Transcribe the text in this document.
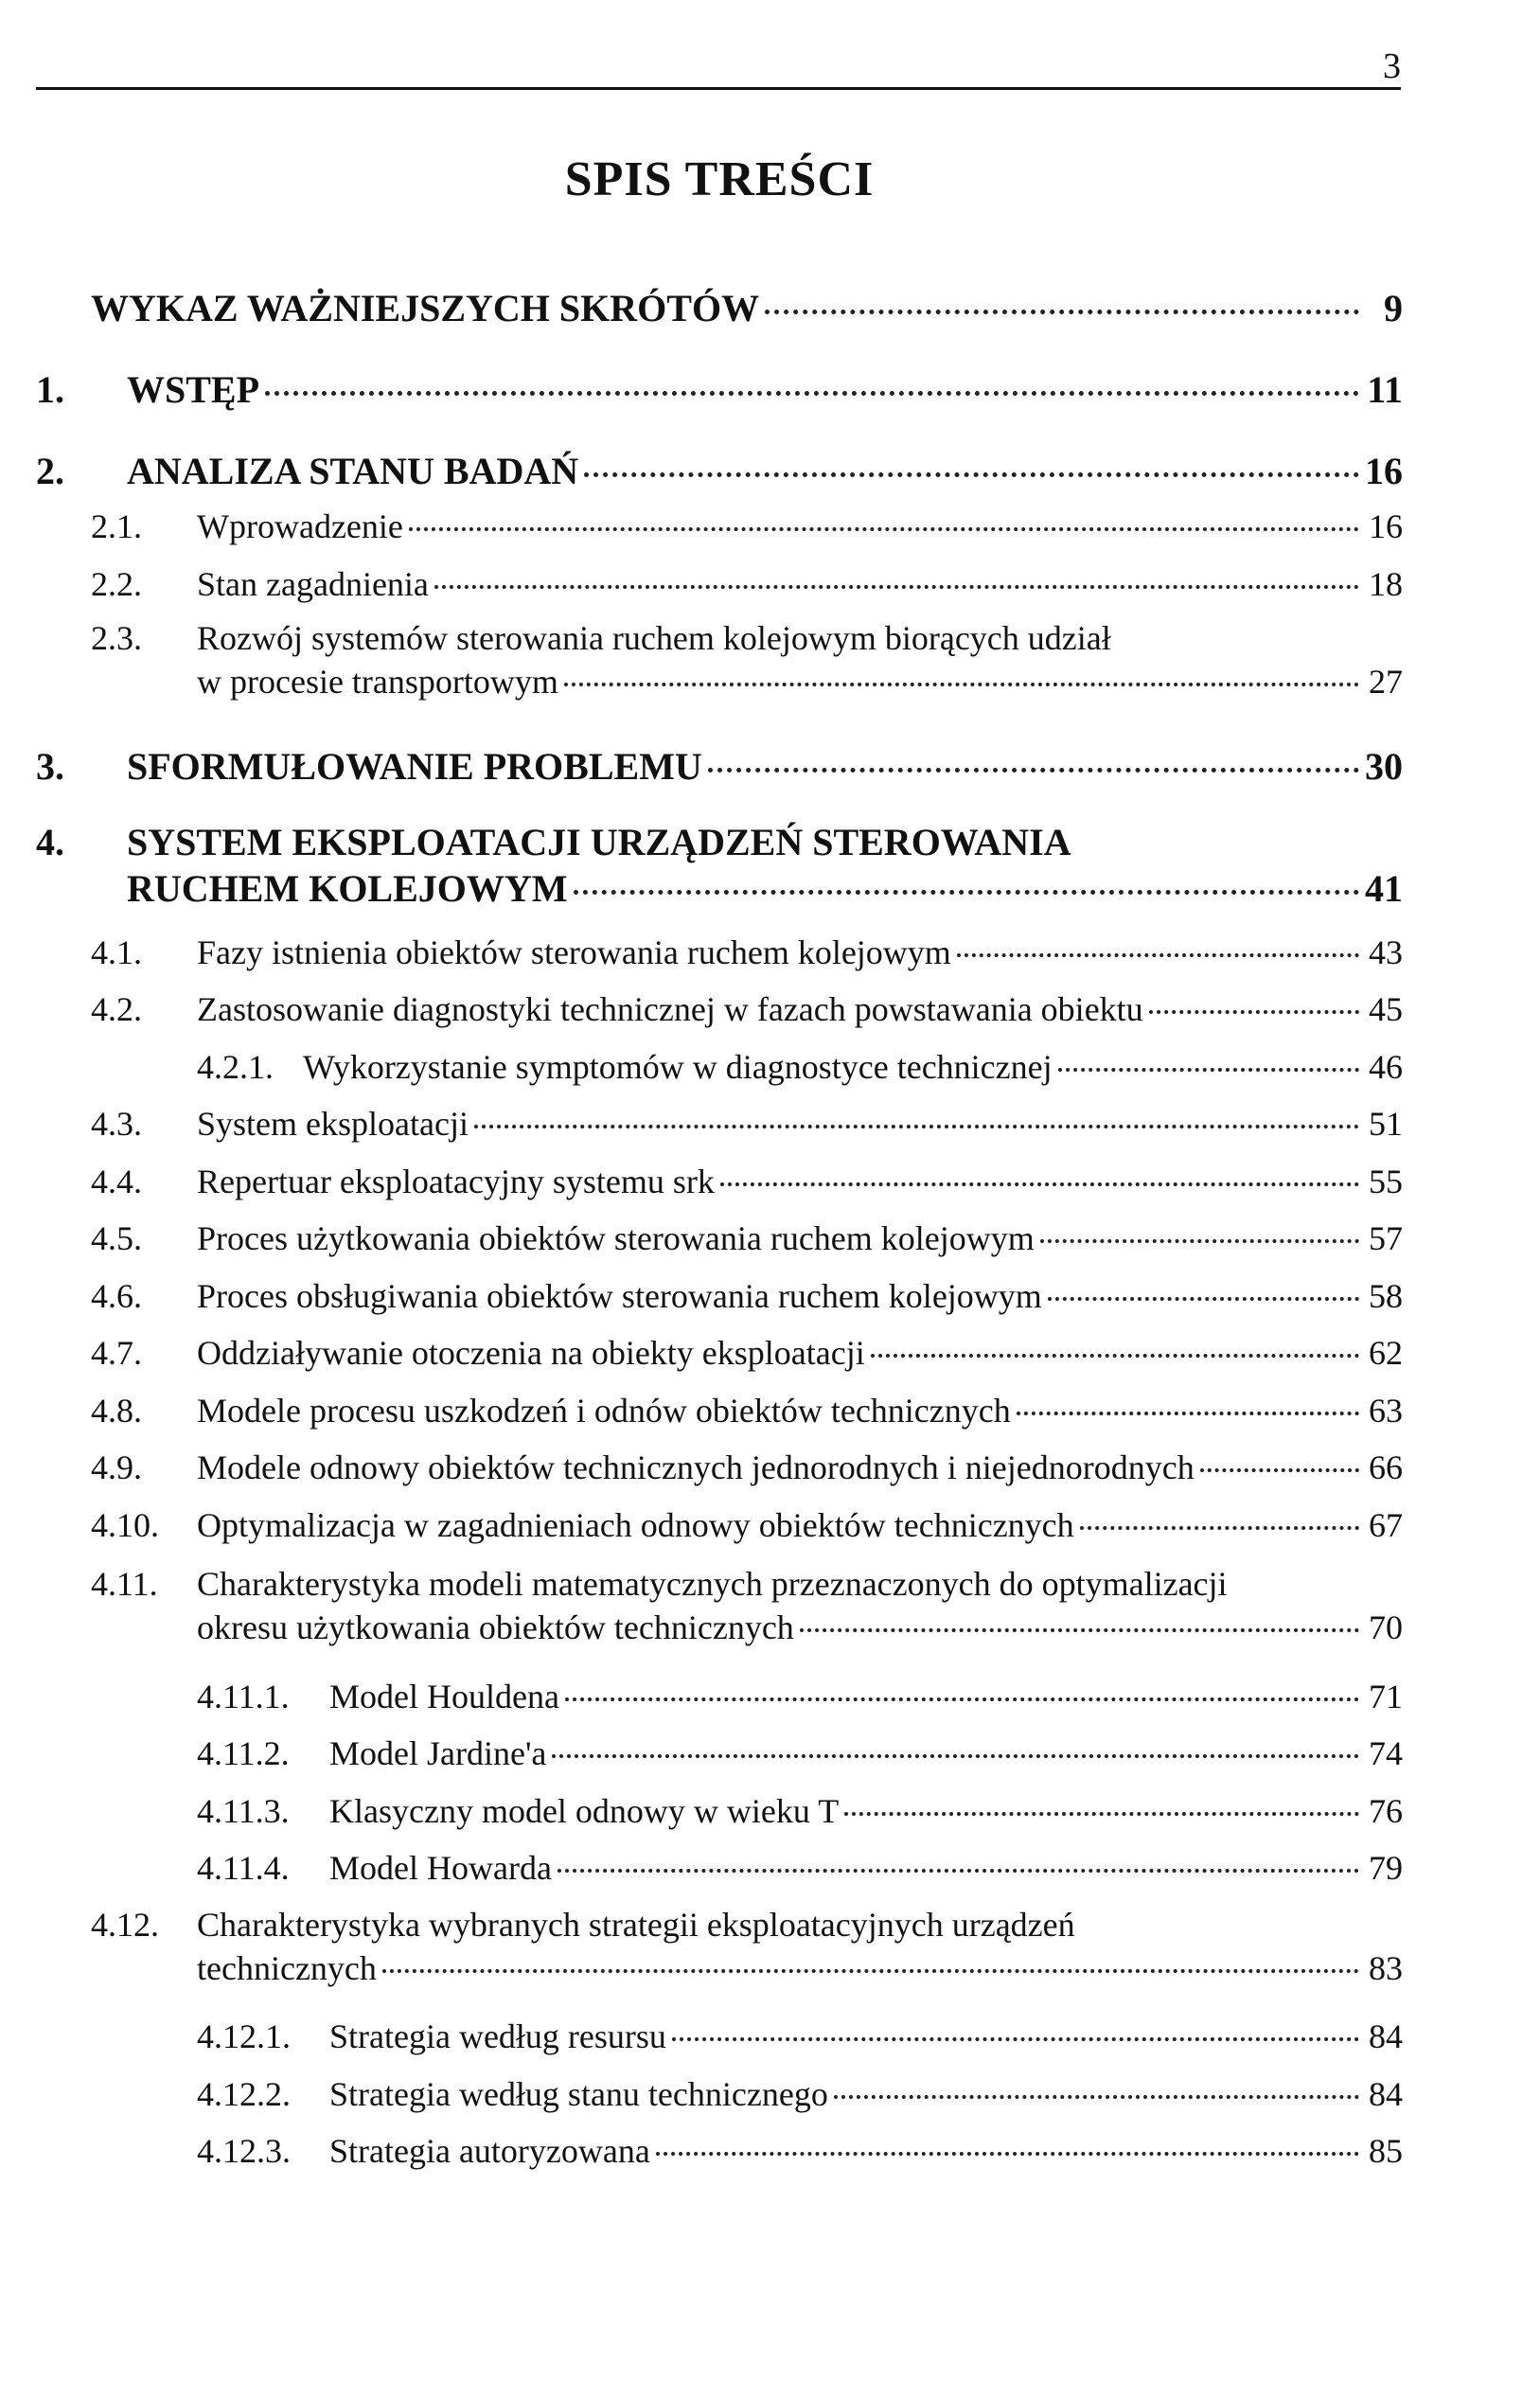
3
SPIS TREŚCI
WYKAZ WAŻNIEJSZYCH SKRÓTÓW	9
1.	WSTĘP	11
2.	ANALIZA STANU BADAŃ	16
2.1.	Wprowadzenie	16
2.2.	Stan zagadnienia	18
2.3.	Rozwój systemów sterowania ruchem kolejowym biorących udział
w procesie transportowym	27
3.	SFORMUŁOWANIE PROBLEMU	30
4.	SYSTEM EKSPLOATACJI URZĄDZEŃ STEROWANIA
RUCHEM KOLEJOWYM	41
4.1.	Fazy istnienia obiektów sterowania ruchem kolejowym	43
4.2.	Zastosowanie diagnostyki technicznej w fazach powstawania obiektu	45
4.2.1. Wykorzystanie symptomów w diagnostyce technicznej	46
4.3.	System eksploatacji	51
4.4.	Repertuar eksploatacyjny systemu srk	55
4.5.	Proces użytkowania obiektów sterowania ruchem kolejowym	57
4.6.	Proces obsługiwania obiektów sterowania ruchem kolejowym	58
4.7.	Oddziaływanie otoczenia na obiekty eksploatacji	62
4.8.	Modele procesu uszkodzeń i odnów obiektów technicznych	63
4.9.	Modele odnowy obiektów technicznych jednorodnych i niejednorodnych	66
4.10.	Optymalizacja w zagadnieniach odnowy obiektów technicznych	67
4.11.	Charakterystyka modeli matematycznych przeznaczonych do optymalizacji
okresu użytkowania obiektów technicznych	70
4.11.1.	Model Houldena	71
4.11.2.	Model Jardine'a	74
4.11.3.	Klasyczny model odnowy w wieku T	76
4.11.4.	Model Howarda	79
4.12.	Charakterystyka wybranych strategii eksploatacyjnych urządzeń
technicznych	83
4.12.1.	Strategia według resursu	84
4.12.2.	Strategia według stanu technicznego	84
4.12.3.	Strategia autoryzowana	85
